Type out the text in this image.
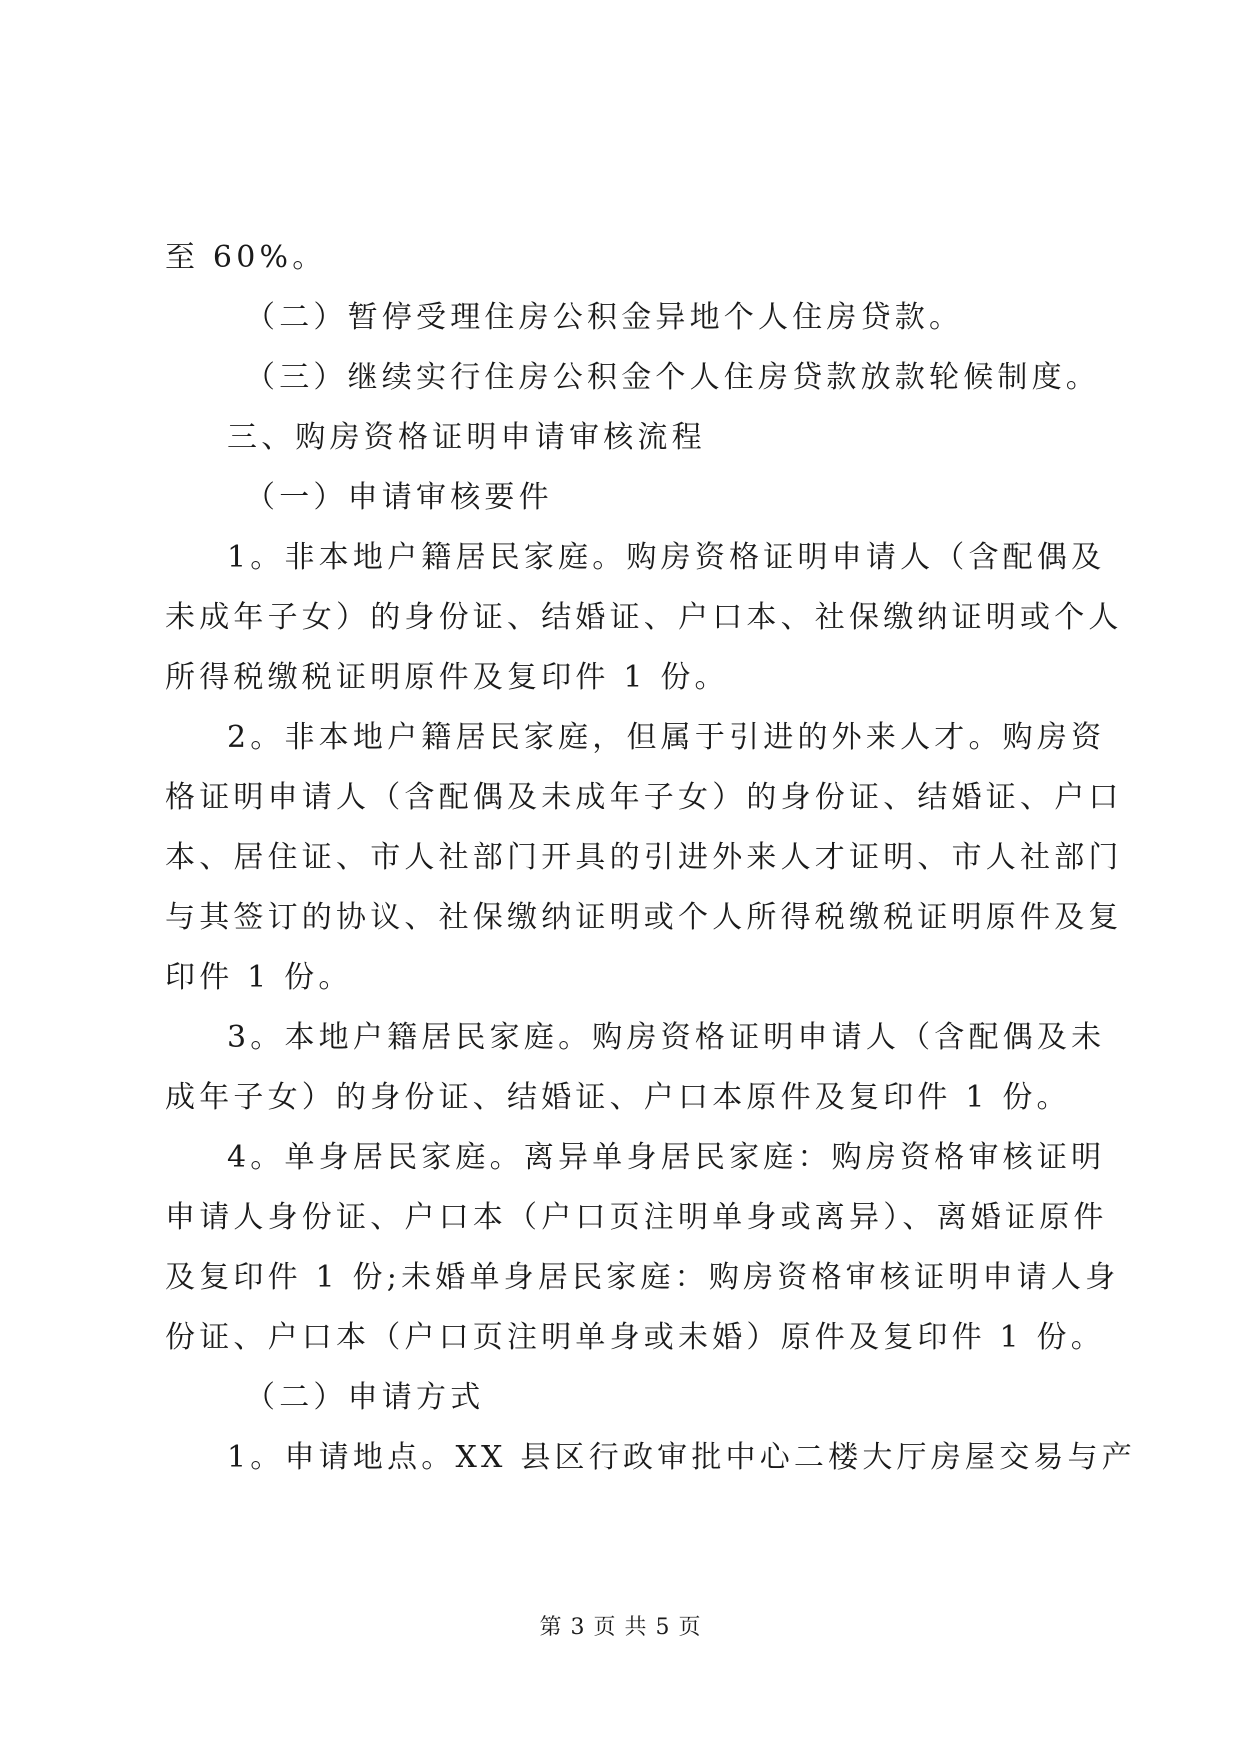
至 60%。
（二）暂停受理住房公积金异地个人住房贷款。
（三）继续实行住房公积金个人住房贷款放款轮候制度。
三、购房资格证明申请审核流程
（一）申请审核要件
1。非本地户籍居民家庭。购房资格证明申请人（含配偶及
未成年子女）的身份证、结婚证、户口本、社保缴纳证明或个人
所得税缴税证明原件及复印件 1 份。
2。非本地户籍居民家庭，但属于引进的外来人才。购房资
格证明申请人（含配偶及未成年子女）的身份证、结婚证、户口
本、居住证、市人社部门开具的引进外来人才证明、市人社部门
与其签订的协议、社保缴纳证明或个人所得税缴税证明原件及复
印件 1 份。
3。本地户籍居民家庭。购房资格证明申请人（含配偶及未
成年子女）的身份证、结婚证、户口本原件及复印件 1 份。
4。单身居民家庭。离异单身居民家庭：购房资格审核证明
申请人身份证、户口本（户口页注明单身或离异）、离婚证原件
及复印件 1 份;未婚单身居民家庭：购房资格审核证明申请人身
份证、户口本（户口页注明单身或未婚）原件及复印件 1 份。
（二）申请方式
1。申请地点。XX 县区行政审批中心二楼大厅房屋交易与产
第 3 页 共 5 页
